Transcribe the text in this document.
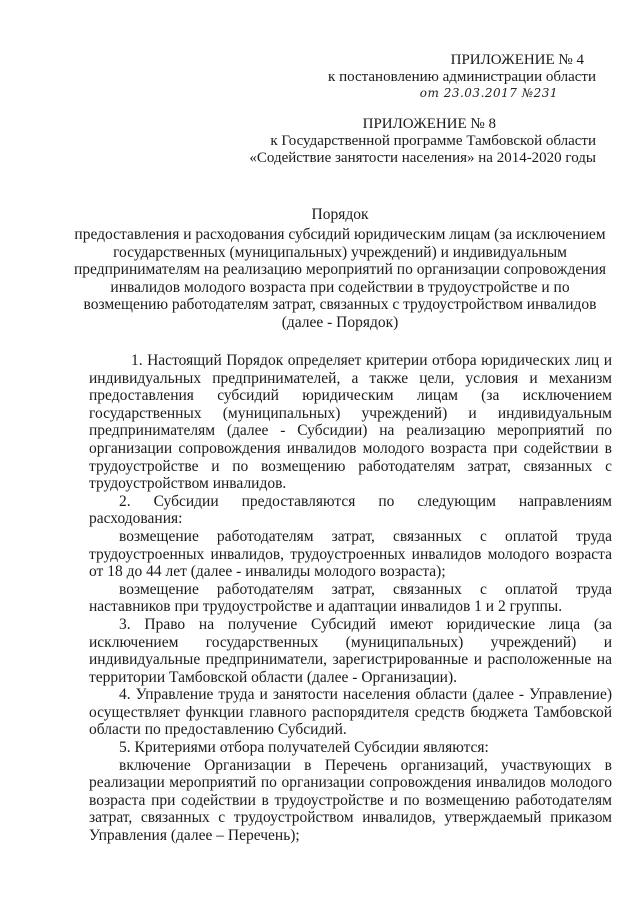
ПРИЛОЖЕНИЕ № 4
к постановлению администрации области
от 23.03.2017 №231
ПРИЛОЖЕНИЕ № 8
к Государственной программе Тамбовской области
«Содействие занятости населения» на 2014-2020 годы
Порядок
предоставления и расходования субсидий юридическим лицам (за исключением государственных (муниципальных) учреждений) и индивидуальным предпринимателям на реализацию мероприятий по организации сопровождения инвалидов молодого возраста при содействии в трудоустройстве и по возмещению работодателям затрат, связанных с трудоустройством инвалидов (далее - Порядок)

1. Настоящий Порядок определяет критерии отбора юридических лиц и индивидуальных предпринимателей, а также цели, условия и механизм предоставления субсидий юридическим лицам (за исключением государственных (муниципальных) учреждений) и индивидуальным предпринимателям (далее - Субсидии) на реализацию мероприятий по организации сопровождения инвалидов молодого возраста при содействии в трудоустройстве и по возмещению работодателям затрат, связанных с трудоустройством инвалидов.

2. Субсидии предоставляются по следующим направлениям расходования:

возмещение работодателям затрат, связанных с оплатой труда трудоустроенных инвалидов, трудоустроенных инвалидов молодого возраста от 18 до 44 лет (далее - инвалиды молодого возраста);

возмещение работодателям затрат, связанных с оплатой труда наставников при трудоустройстве и адаптации инвалидов 1 и 2 группы.

3. Право на получение Субсидий имеют юридические лица (за исключением государственных (муниципальных) учреждений) и индивидуальные предприниматели, зарегистрированные и расположенные на территории Тамбовской области (далее - Организации).

4. Управление труда и занятости населения области (далее - Управление) осуществляет функции главного распорядителя средств бюджета Тамбовской области по предоставлению Субсидий.

5. Критериями отбора получателей Субсидии являются:

включение Организации в Перечень организаций, участвующих в реализации мероприятий по организации сопровождения инвалидов молодого возраста при содействии в трудоустройстве и по возмещению работодателям затрат, связанных с трудоустройством инвалидов, утверждаемый приказом Управления (далее – Перечень);
